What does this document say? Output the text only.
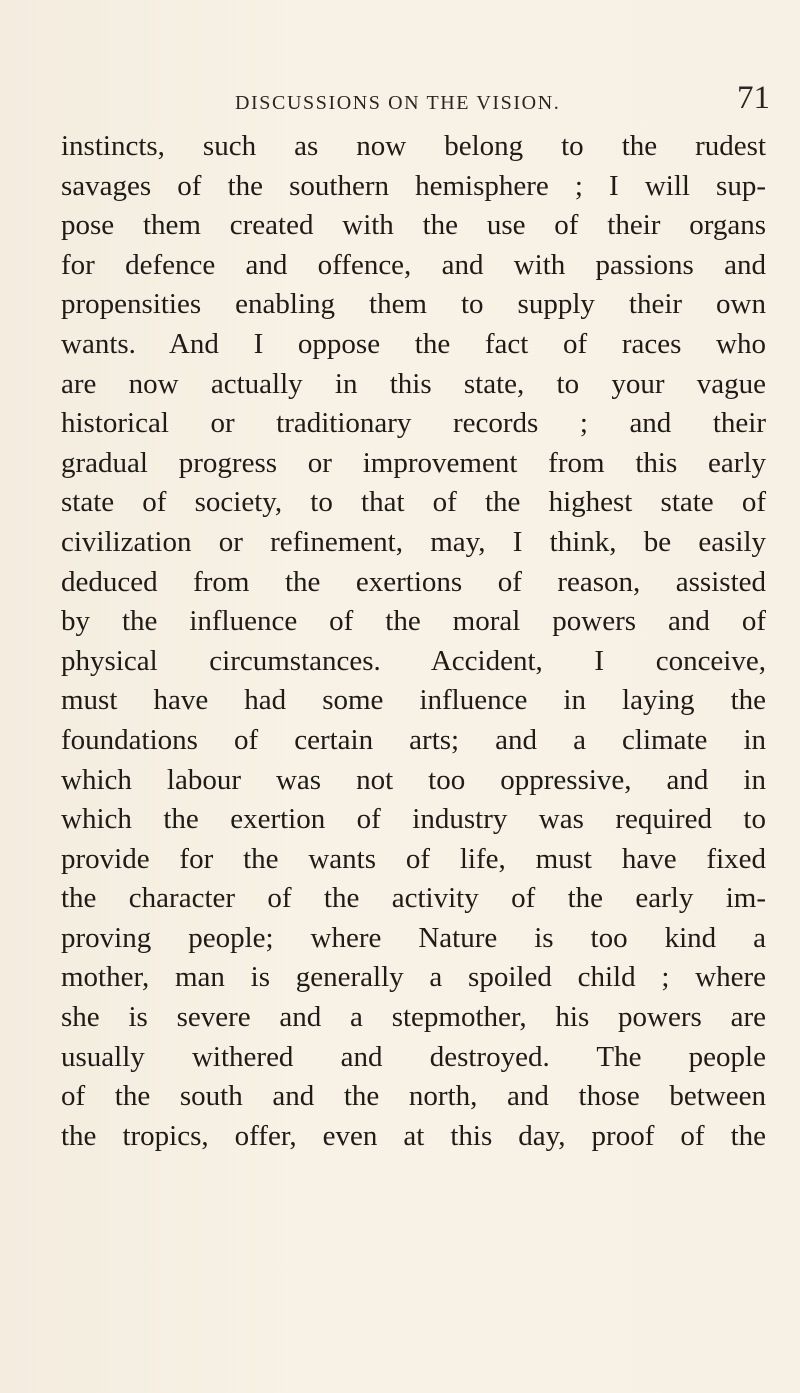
DISCUSSIONS ON THE VISION.	71
instincts, such as now belong to the rudest
savages of the southern hemisphere ; I will sup-
pose them created with the use of their organs
for defence and offence, and with passions and
propensities enabling them to supply their own
wants. And I oppose the fact of races who
are now actually in this state, to your vague
historical or traditionary records ; and their
gradual progress or improvement from this early
state of society, to that of the highest state of
civilization or refinement, may, I think, be easily
deduced from the exertions of reason, assisted
by the influence of the moral powers and of
physical circumstances. Accident, I conceive,
must have had some influence in laying the
foundations of certain arts; and a climate in
which labour was not too oppressive, and in
which the exertion of industry was required to
provide for the wants of life, must have fixed
the character of the activity of the early im-
proving people; where Nature is too kind a
mother, man is generally a spoiled child ; where
she is severe and a stepmother, his powers are
usually withered and destroyed. The people
of the south and the north, and those between
the tropics, offer, even at this day, proof of the
